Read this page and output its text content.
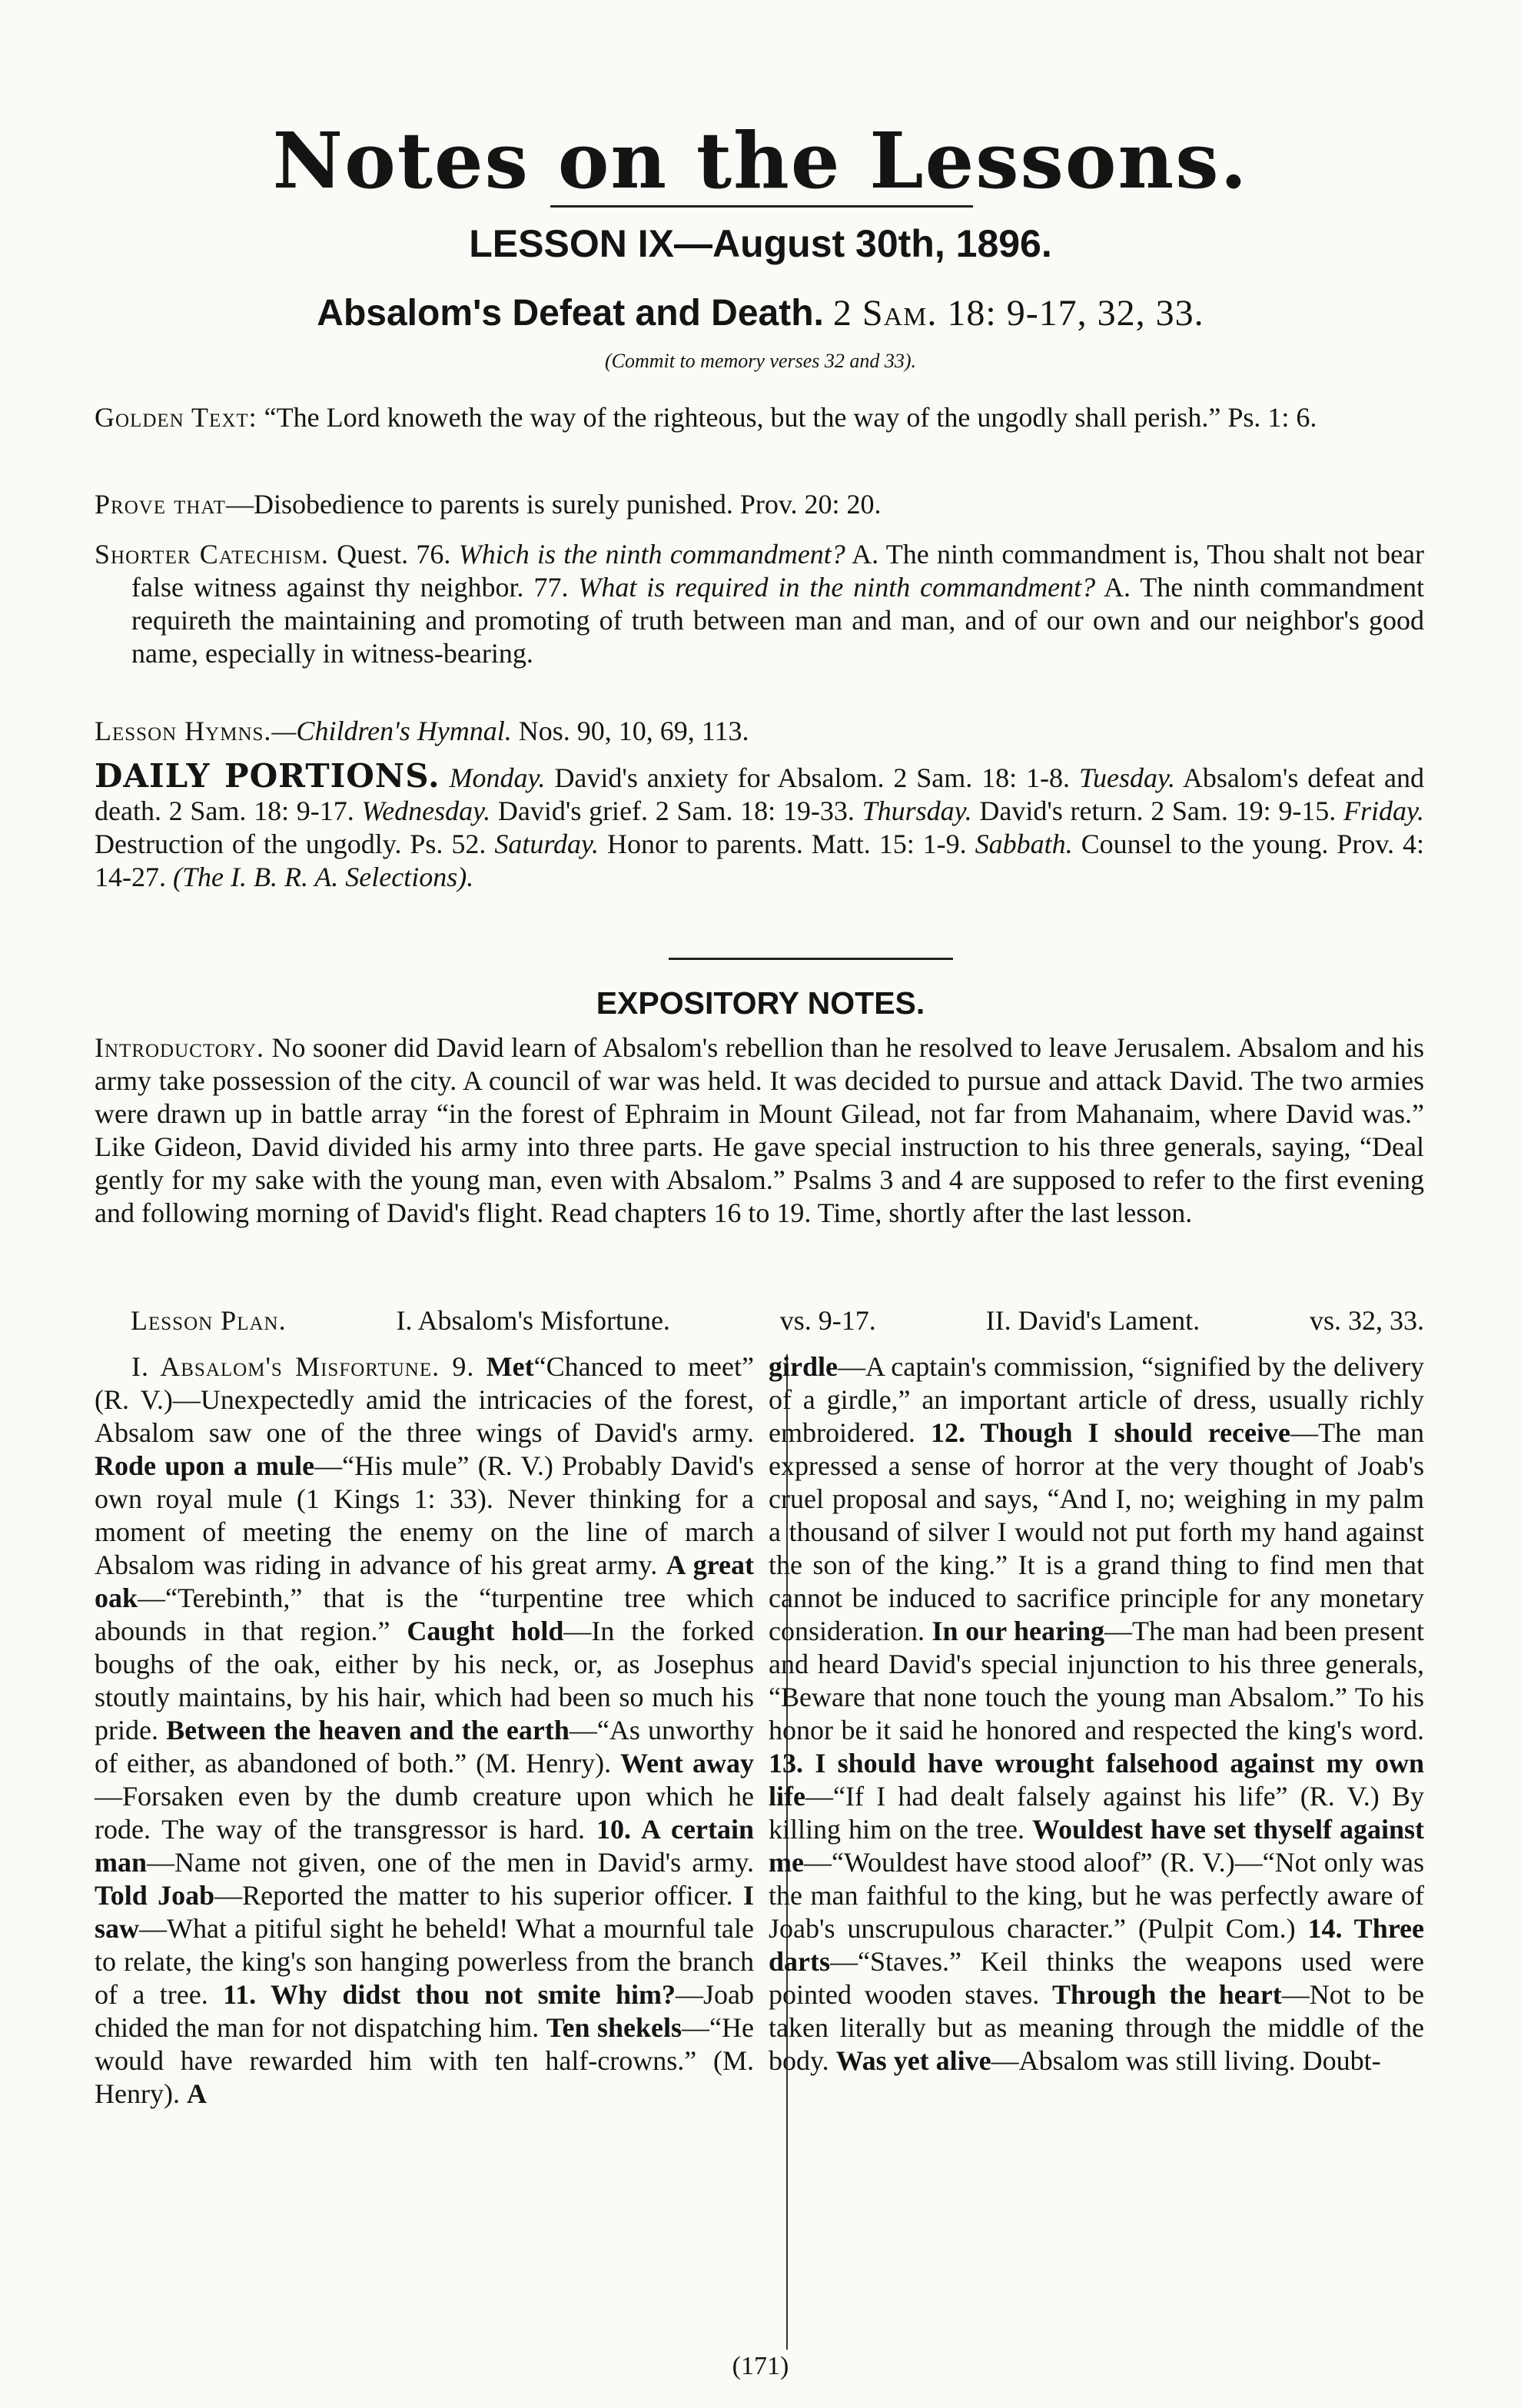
Notes on the Lessons.
LESSON IX—August 30th, 1896.
Absalom's Defeat and Death. 2 Sam. 18: 9-17, 32, 33.
(Commit to memory verses 32 and 33).
Golden Text: “The Lord knoweth the way of the righteous, but the way of the ungodly shall perish.” Ps. 1: 6.
Prove that—Disobedience to parents is surely punished. Prov. 20: 20.
Shorter Catechism. Quest. 76. Which is the ninth commandment? A. The ninth commandment is, Thou shalt not bear false witness against thy neighbor. 77. What is required in the ninth commandment? A. The ninth commandment requireth the maintaining and promoting of truth between man and man, and of our own and our neighbor's good name, especially in witness-bearing.
Lesson Hymns.—Children's Hymnal. Nos. 90, 10, 69, 113.
DAILY PORTIONS. Monday. David's anxiety for Absalom. 2 Sam. 18: 1-8. Tuesday. Absalom's defeat and death. 2 Sam. 18: 9-17. Wednesday. David's grief. 2 Sam. 18: 19-33. Thursday. David's return. 2 Sam. 19: 9-15. Friday. Destruction of the ungodly. Ps. 52. Saturday. Honor to parents. Matt. 15: 1-9. Sabbath. Counsel to the young. Prov. 4: 14-27. (The I. B. R. A. Selections).
EXPOSITORY NOTES.
Introductory. No sooner did David learn of Absalom's rebellion than he resolved to leave Jerusalem. Absalom and his army take possession of the city. A council of war was held. It was decided to pursue and attack David. The two armies were drawn up in battle array “in the forest of Ephraim in Mount Gilead, not far from Mahanaim, where David was.” Like Gideon, David divided his army into three parts. He gave special instruction to his three generals, saying, “Deal gently for my sake with the young man, even with Absalom.” Psalms 3 and 4 are supposed to refer to the first evening and following morning of David's flight. Read chapters 16 to 19. Time, shortly after the last lesson.
Lesson Plan.	I. Absalom's Misfortune.	vs. 9-17.	II. David's Lament.	vs. 32, 33.

I. Absalom's Misfortune. 9. Met“Chanced to meet” (R. V.)—Unexpectedly amid the intricacies of the forest, Absalom saw one of the three wings of David's army. Rode upon a mule—“His mule” (R. V.) Probably David's own royal mule (1 Kings 1: 33). Never thinking for a moment of meeting the enemy on the line of march Absalom was riding in advance of his great army. A great oak—“Terebinth,” that is the “turpentine tree which abounds in that region.” Caught hold—In the forked boughs of the oak, either by his neck, or, as Josephus stoutly maintains, by his hair, which had been so much his pride. Between the heaven and the earth—“As unworthy of either, as abandoned of both.” (M. Henry). Went away—Forsaken even by the dumb creature upon which he rode. The way of the transgressor is hard. 10. A certain man—Name not given, one of the men in David's army. Told Joab—Reported the matter to his superior officer. I saw—What a pitiful sight he beheld! What a mournful tale to relate, the king's son hanging powerless from the branch of a tree. 11. Why didst thou not smite him?—Joab chided the man for not dispatching him. Ten shekels—“He would have rewarded him with ten half-crowns.” (M. Henry). A

girdle—A captain's commission, “signified by the delivery of a girdle,” an important article of dress, usually richly embroidered. 12. Though I should receive—The man expressed a sense of horror at the very thought of Joab's cruel proposal and says, “And I, no; weighing in my palm a thousand of silver I would not put forth my hand against the son of the king.” It is a grand thing to find men that cannot be induced to sacrifice principle for any monetary consideration. In our hearing—The man had been present and heard David's special injunction to his three generals, “Beware that none touch the young man Absalom.” To his honor be it said he honored and respected the king's word. 13. I should have wrought falsehood against my own life—“If I had dealt falsely against his life” (R. V.) By killing him on the tree. Wouldest have set thyself against me—“Wouldest have stood aloof” (R. V.)—“Not only was the man faithful to the king, but he was perfectly aware of Joab's unscrupulous character.” (Pulpit Com.) 14. Three darts—“Staves.” Keil thinks the weapons used were pointed wooden staves. Through the heart—Not to be taken literally but as meaning through the middle of the body. Was yet alive—Absalom was still living. Doubt-

(171)
